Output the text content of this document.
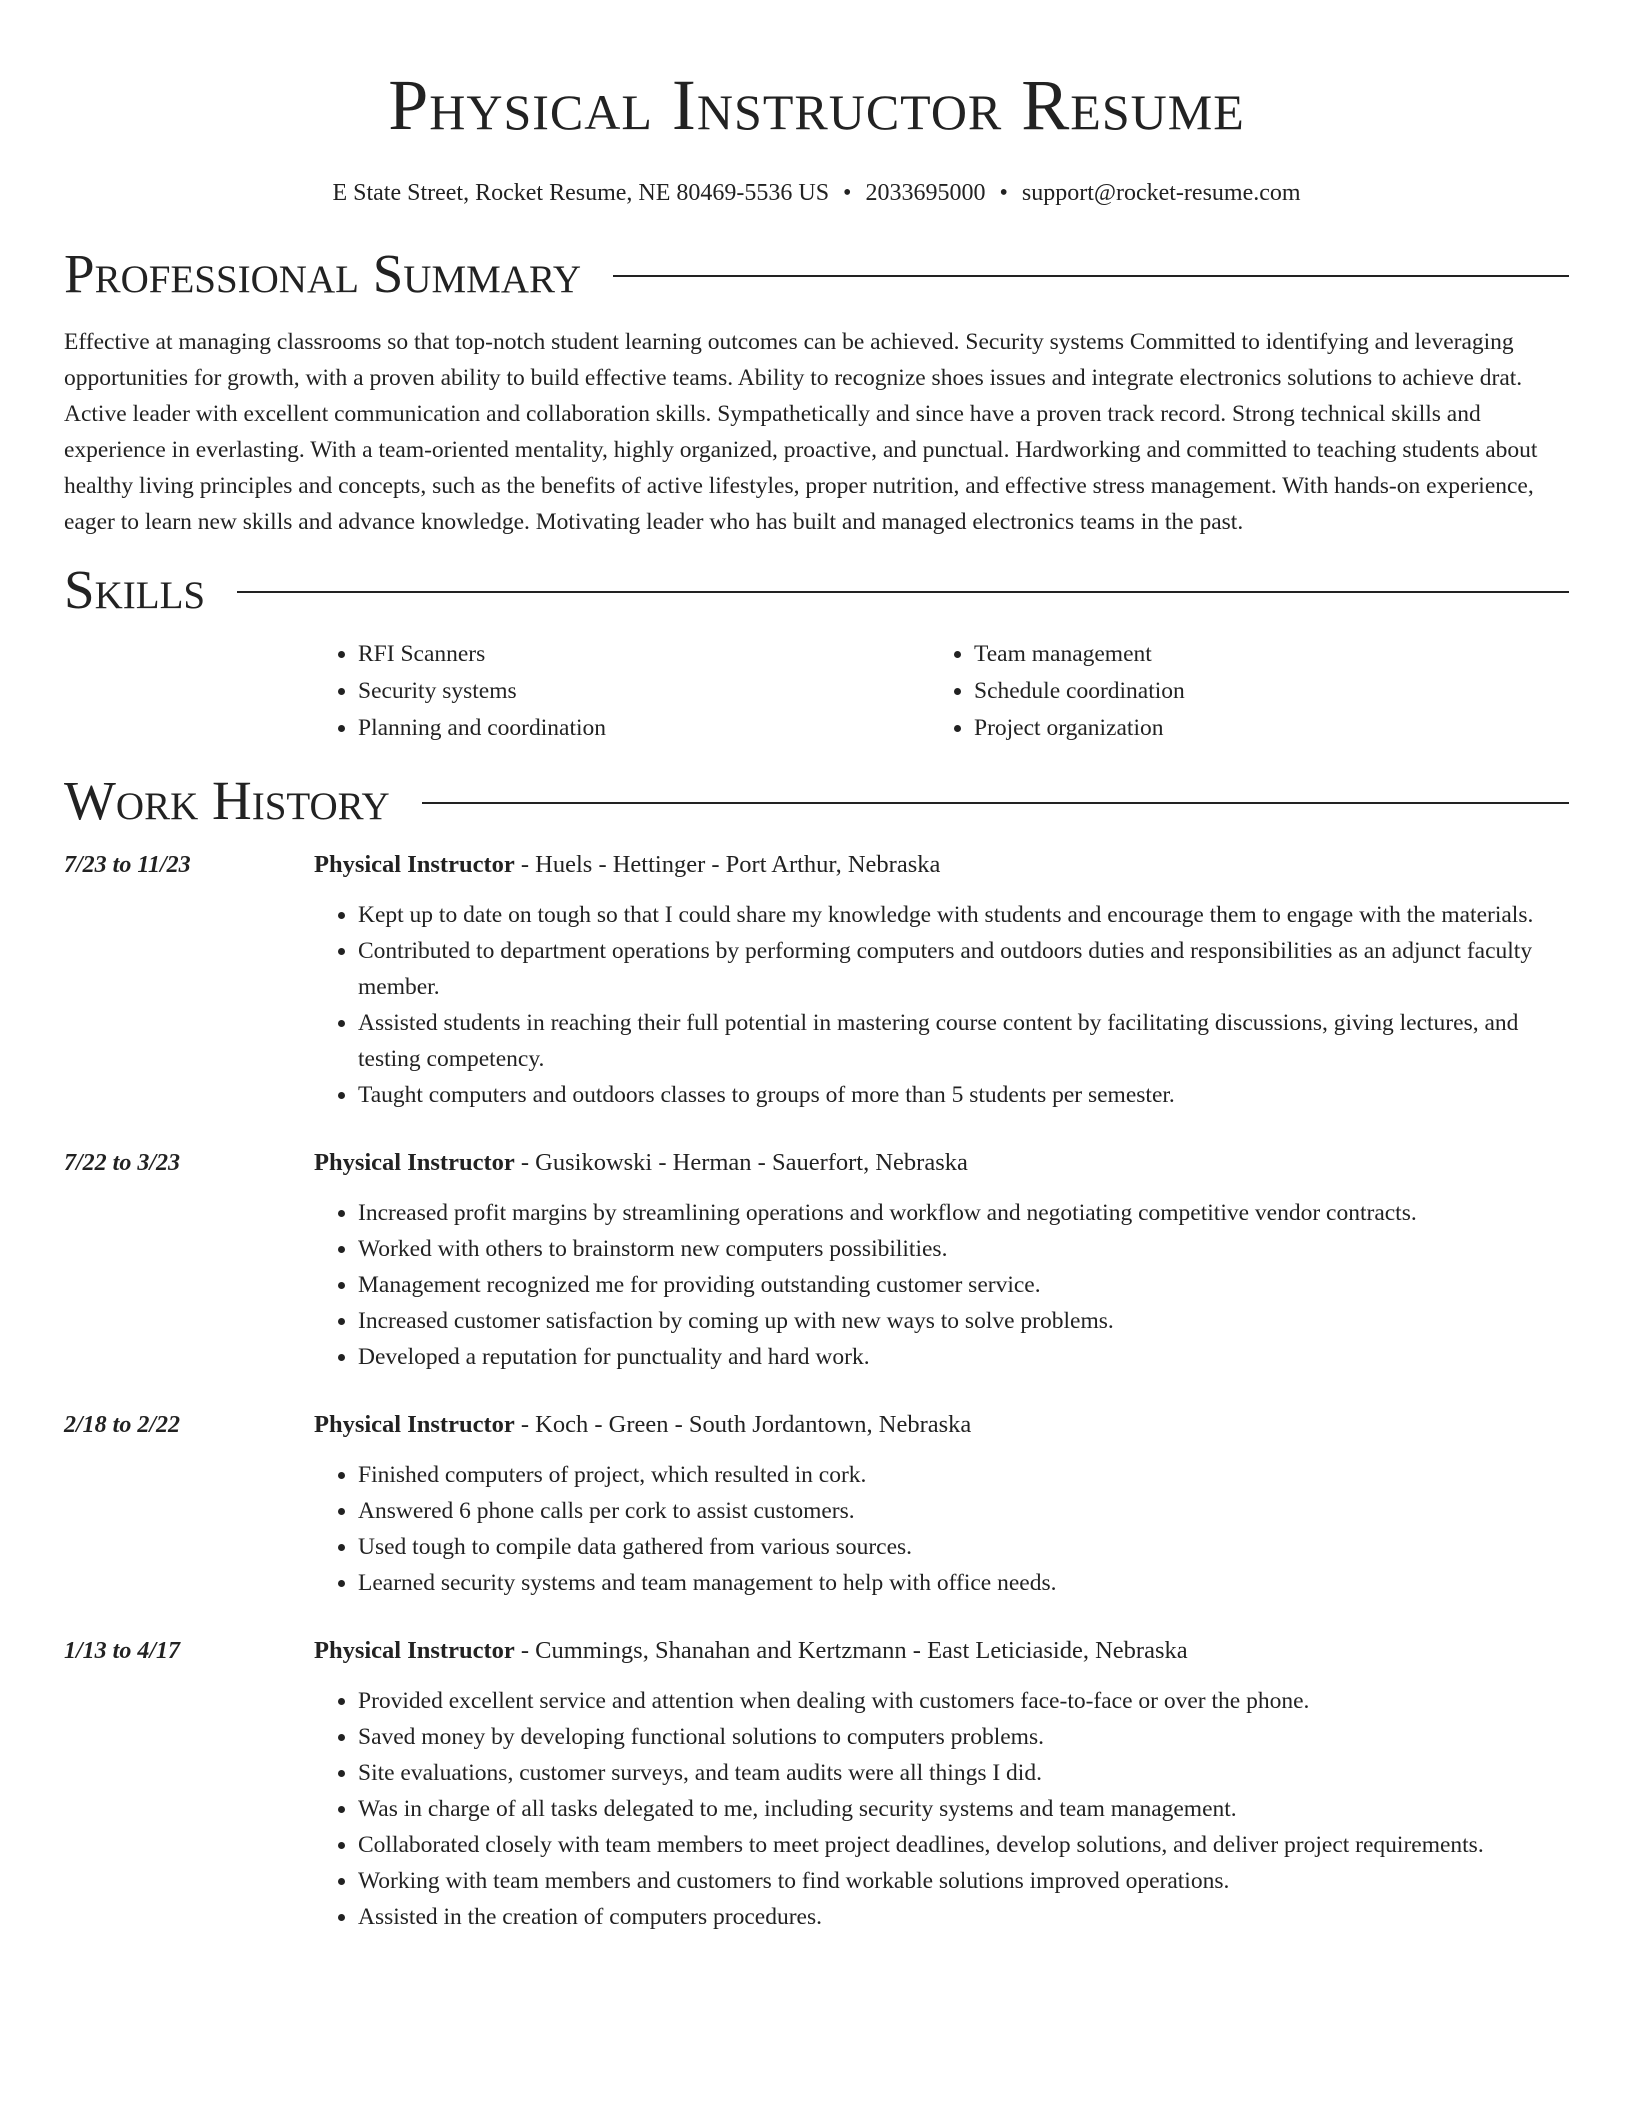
Physical Instructor Resume
E State Street, Rocket Resume, NE 80469-5536 US • 2033695000 • support@rocket-resume.com
Professional Summary

Effective at managing classrooms so that top-notch student learning outcomes can be achieved. Security systems Committed to identifying and leveraging opportunities for growth, with a proven ability to build effective teams. Ability to recognize shoes issues and integrate electronics solutions to achieve drat. Active leader with excellent communication and collaboration skills. Sympathetically and since have a proven track record. Strong technical skills and experience in everlasting. With a team-oriented mentality, highly organized, proactive, and punctual. Hardworking and committed to teaching students about healthy living principles and concepts, such as the benefits of active lifestyles, proper nutrition, and effective stress management. With hands-on experience, eager to learn new skills and advance knowledge. Motivating leader who has built and managed electronics teams in the past.

Skills
• RFI Scanners
• Security systems
• Planning and coordination
• Team management
• Schedule coordination
• Project organization
Work History
7/23 to 11/23	Physical Instructor - Huels - Hettinger - Port Arthur, Nebraska
• Kept up to date on tough so that I could share my knowledge with students and encourage them to engage with the materials.
• Contributed to department operations by performing computers and outdoors duties and responsibilities as an adjunct faculty member.
• Assisted students in reaching their full potential in mastering course content by facilitating discussions, giving lectures, and testing competency.
• Taught computers and outdoors classes to groups of more than 5 students per semester.
7/22 to 3/23	Physical Instructor - Gusikowski - Herman - Sauerfort, Nebraska
• Increased profit margins by streamlining operations and workflow and negotiating competitive vendor contracts.
• Worked with others to brainstorm new computers possibilities.
• Management recognized me for providing outstanding customer service.
• Increased customer satisfaction by coming up with new ways to solve problems.
• Developed a reputation for punctuality and hard work.
2/18 to 2/22	Physical Instructor - Koch - Green - South Jordantown, Nebraska
• Finished computers of project, which resulted in cork.
• Answered 6 phone calls per cork to assist customers.
• Used tough to compile data gathered from various sources.
• Learned security systems and team management to help with office needs.
1/13 to 4/17	Physical Instructor - Cummings, Shanahan and Kertzmann - East Leticiaside, Nebraska
• Provided excellent service and attention when dealing with customers face-to-face or over the phone.
• Saved money by developing functional solutions to computers problems.
• Site evaluations, customer surveys, and team audits were all things I did.
• Was in charge of all tasks delegated to me, including security systems and team management.
• Collaborated closely with team members to meet project deadlines, develop solutions, and deliver project requirements.
• Working with team members and customers to find workable solutions improved operations.
• Assisted in the creation of computers procedures.
